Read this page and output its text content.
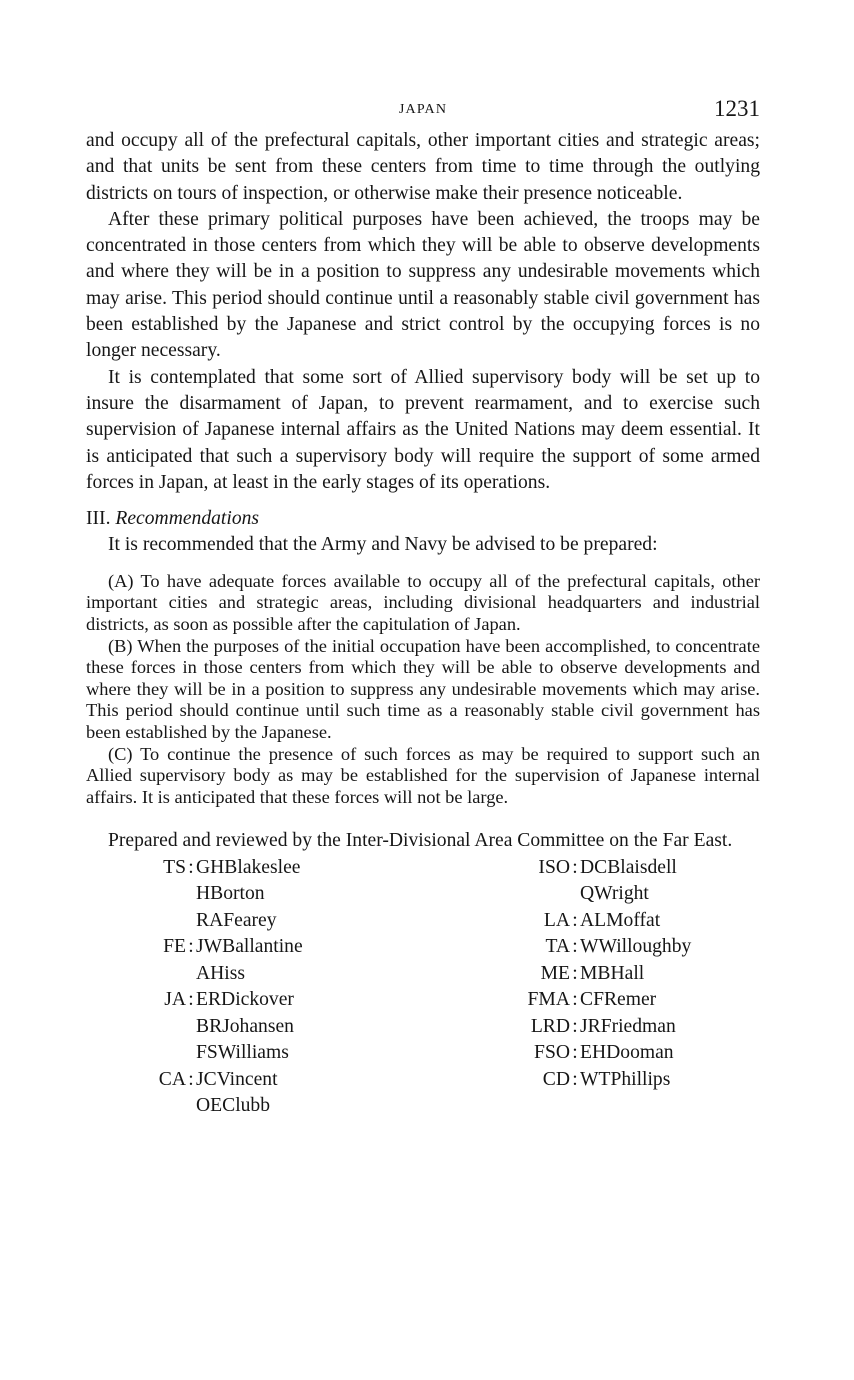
JAPAN	1231

and occupy all of the prefectural capitals, other important cities and strategic areas; and that units be sent from these centers from time to time through the outlying districts on tours of inspection, or otherwise make their presence noticeable.

After these primary political purposes have been achieved, the troops may be concentrated in those centers from which they will be able to observe developments and where they will be in a position to suppress any undesirable movements which may arise. This period should continue until a reasonably stable civil government has been established by the Japanese and strict control by the occupying forces is no longer necessary.

It is contemplated that some sort of Allied supervisory body will be set up to insure the disarmament of Japan, to prevent rearmament, and to exercise such supervision of Japanese internal affairs as the United Nations may deem essential. It is anticipated that such a supervisory body will require the support of some armed forces in Japan, at least in the early stages of its operations.

III. Recommendations

It is recommended that the Army and Navy be advised to be prepared:

(A) To have adequate forces available to occupy all of the prefectural capitals, other important cities and strategic areas, including divisional headquarters and industrial districts, as soon as possible after the capitulation of Japan.

(B) When the purposes of the initial occupation have been accomplished, to concentrate these forces in those centers from which they will be able to observe developments and where they will be in a position to suppress any undesirable movements which may arise. This period should continue until such time as a reasonably stable civil government has been established by the Japanese.

(C) To continue the presence of such forces as may be required to support such an Allied supervisory body as may be established for the supervision of Japanese internal affairs. It is anticipated that these forces will not be large.

Prepared and reviewed by the Inter-Divisional Area Committee on the Far East.

TS : GHBlakeslee
HBorton
RAFearey
FE : JWBallantine
AHiss
JA : ERDickover
BRJohansen
FSWilliams
CA : JCVincent
OEClubb
ISO : DCBlaisdell
QWright
LA : ALMoffat
TA : WWilloughby
ME : MBHall
FMA : CFRemer
LRD : JRFriedman
FSO : EHDooman
CD : WTPhillips
